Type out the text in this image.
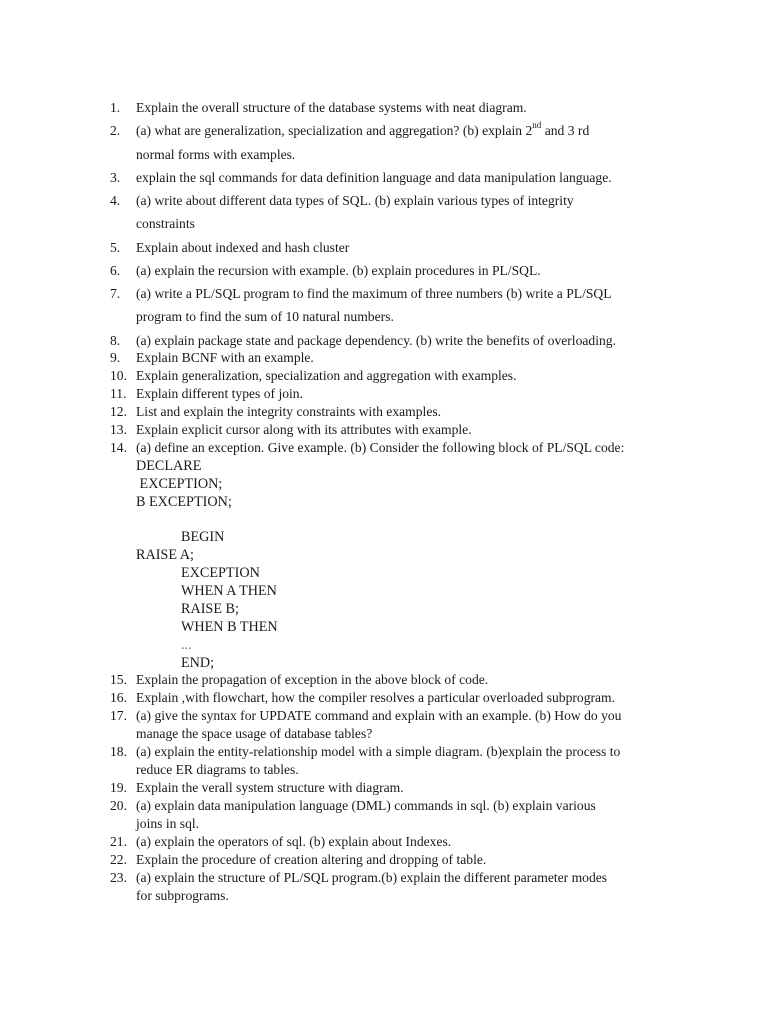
1.	Explain the overall structure of the database systems with neat diagram.
2.	(a) what are generalization, specialization and aggregation? (b) explain 2nd and 3 rd
normal forms with examples.
3.	explain the sql commands for data definition language and data manipulation language.
4.	(a) write about different data types of SQL. (b) explain various types of integrity
constraints
5.	Explain about indexed and hash cluster
6.	(a) explain the recursion with example. (b) explain procedures in PL/SQL.
7.	(a) write a PL/SQL program to find the maximum of three numbers (b) write a PL/SQL
program to find the sum of 10 natural numbers.
8.	(a) explain package state and package dependency. (b) write the benefits of overloading.
9.	Explain BCNF with an example.
10. Explain generalization, specialization and aggregation with examples.
11. Explain different types of join.
12. List and explain the integrity constraints with examples.
13. Explain explicit cursor along with its attributes with example.
14. (a) define an exception. Give example. (b) Consider the following block of PL/SQL code:
DECLARE
EXCEPTION;
B EXCEPTION;
BEGIN
RAISE A;
EXCEPTION
WHEN A THEN
RAISE B;
WHEN B THEN
...
END;
15. Explain the propagation of exception in the above block of code.
16. Explain ,with flowchart, how the compiler resolves a particular overloaded subprogram.
17. (a) give the syntax for UPDATE command and explain with an example. (b) How do you
manage the space usage of database tables?
18. (a) explain the entity-relationship model with a simple diagram. (b)explain the process to
reduce ER diagrams to tables.
19. Explain the verall system structure with diagram.
20. (a) explain data manipulation language (DML) commands in sql. (b) explain various
joins in sql.
21. (a) explain the operators of sql. (b) explain about Indexes.
22. Explain the procedure of creation altering and dropping of table.
23. (a) explain the structure of PL/SQL program.(b) explain the different parameter modes
for subprograms.
